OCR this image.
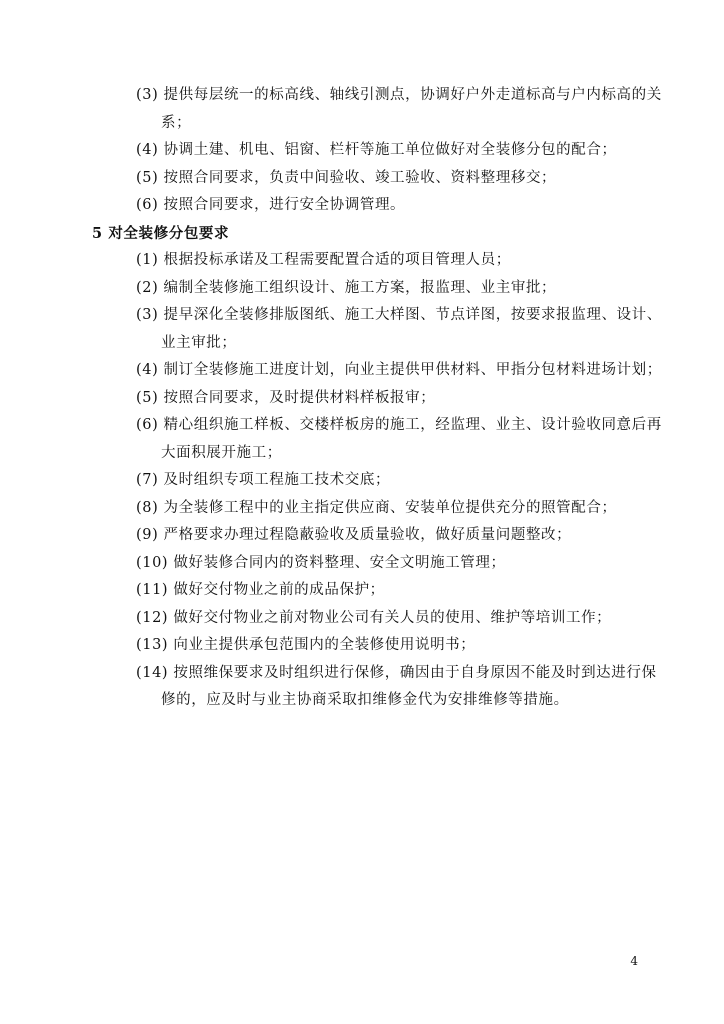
(3) 提供每层统一的标高线、轴线引测点，协调好户外走道标高与户内标高的关

系；

(4) 协调土建、机电、铝窗、栏杆等施工单位做好对全装修分包的配合；

(5) 按照合同要求，负责中间验收、竣工验收、资料整理移交；

(6) 按照合同要求，进行安全协调管理。

5 对全装修分包要求

(1) 根据投标承诺及工程需要配置合适的项目管理人员；

(2) 编制全装修施工组织设计、施工方案，报监理、业主审批；

(3) 提早深化全装修排版图纸、施工大样图、节点详图，按要求报监理、设计、

业主审批；

(4) 制订全装修施工进度计划，向业主提供甲供材料、甲指分包材料进场计划；

(5) 按照合同要求，及时提供材料样板报审；

(6) 精心组织施工样板、交楼样板房的施工，经监理、业主、设计验收同意后再

大面积展开施工；

(7) 及时组织专项工程施工技术交底；

(8) 为全装修工程中的业主指定供应商、安装单位提供充分的照管配合；

(9) 严格要求办理过程隐蔽验收及质量验收，做好质量问题整改；

(10) 做好装修合同内的资料整理、安全文明施工管理；

(11) 做好交付物业之前的成品保护；

(12) 做好交付物业之前对物业公司有关人员的使用、维护等培训工作；

(13) 向业主提供承包范围内的全装修使用说明书；

(14) 按照维保要求及时组织进行保修，确因由于自身原因不能及时到达进行保

修的，应及时与业主协商采取扣维修金代为安排维修等措施。

4
